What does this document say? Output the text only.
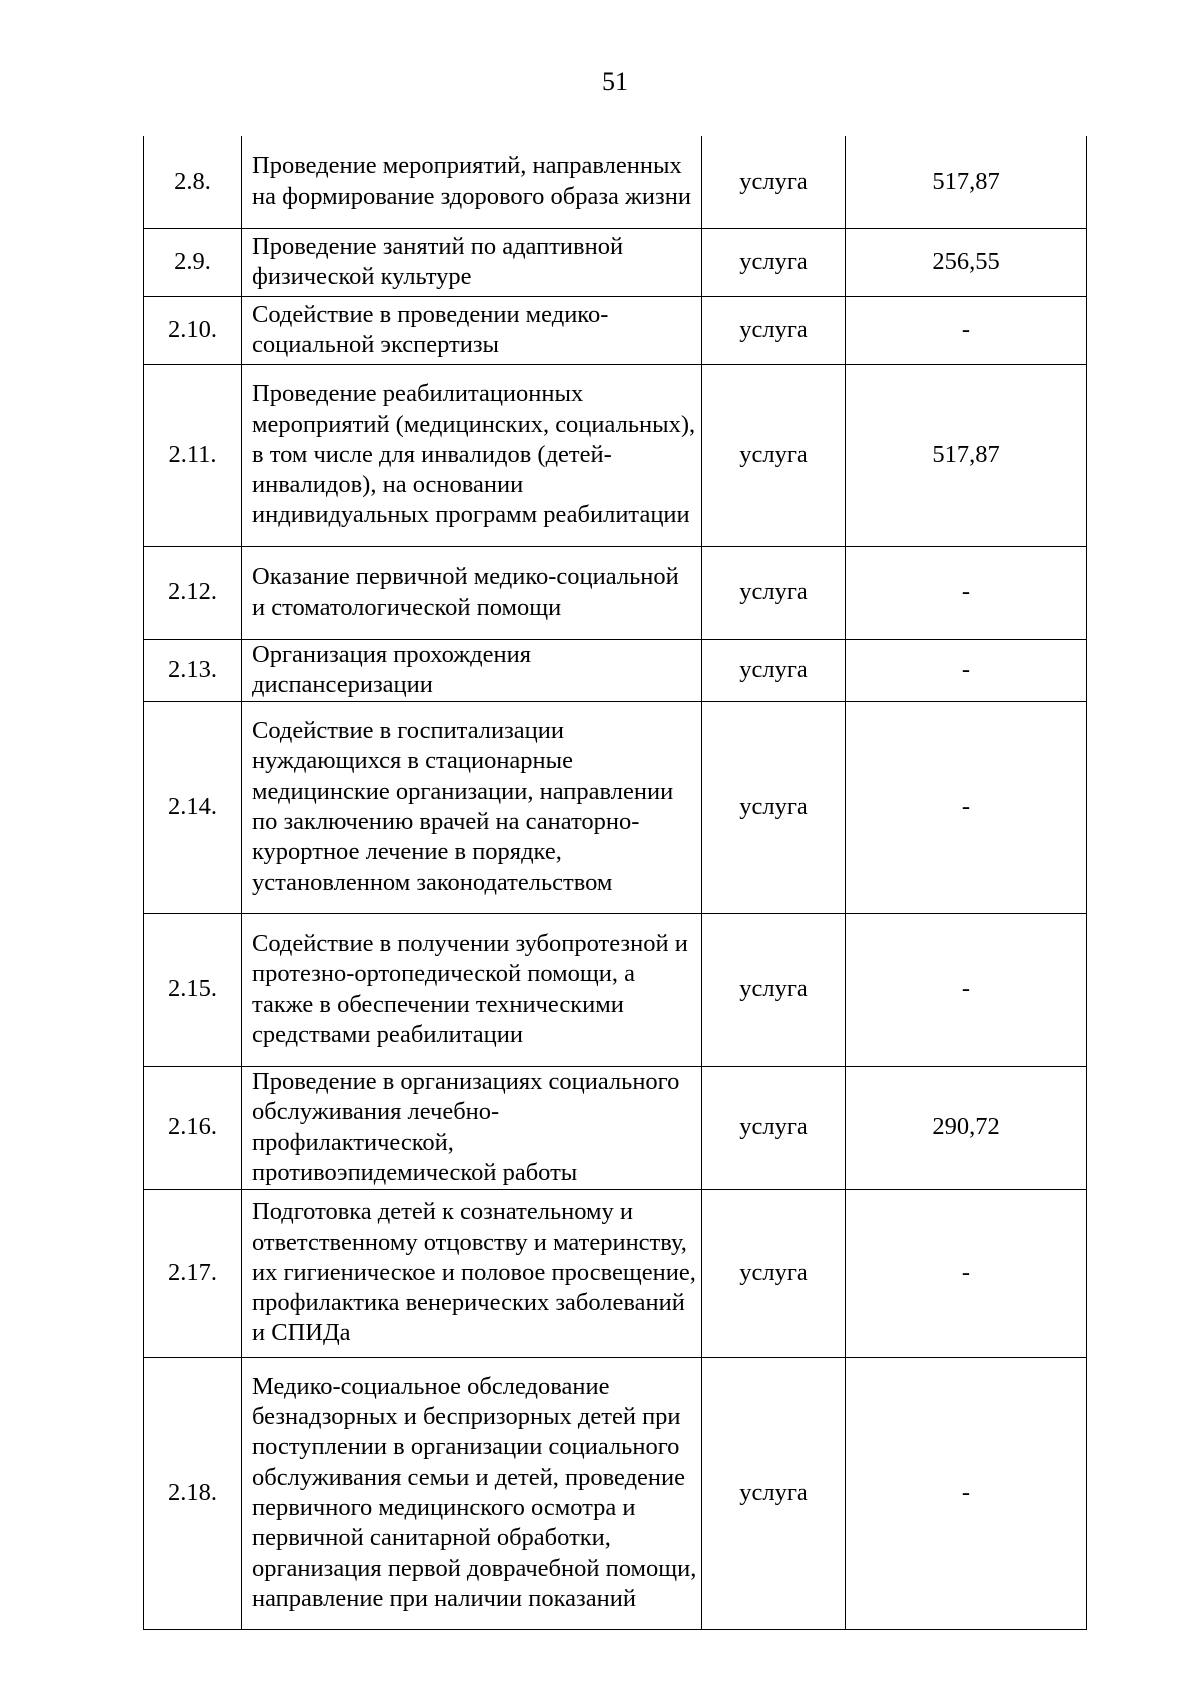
51
2.8.	Проведение мероприятий, направленных на формирование здорового образа жизни	услуга	517,87
2.9.	Проведение занятий по адаптивной физической культуре	услуга	256,55
2.10.	Содействие в проведении медико-социальной экспертизы	услуга	-
2.11.	Проведение реабилитационных мероприятий (медицинских, социальных), в том числе для инвалидов (детей-инвалидов), на основании индивидуальных программ реабилитации	услуга	517,87
2.12.	Оказание первичной медико-социальной и стоматологической помощи	услуга	-
2.13.	Организация прохождения диспансеризации	услуга	-
2.14.	Содействие в госпитализации нуждающихся в стационарные медицинские организации, направлении по заключению врачей на санаторно-курортное лечение в порядке, установленном законодательством	услуга	-
2.15.	Содействие в получении зубопротезной и протезно-ортопедической помощи, а также в обеспечении техническими средствами реабилитации	услуга	-
2.16.	Проведение в организациях социального обслуживания лечебно-профилактической, противоэпидемической работы	услуга	290,72
2.17.	Подготовка детей к сознательному и ответственному отцовству и материнству, их гигиеническое и половое просвещение, профилактика венерических заболеваний и СПИДа	услуга	-
2.18.	Медико-социальное обследование безнадзорных и беспризорных детей при поступлении в организации социального обслуживания семьи и детей, проведение первичного медицинского осмотра и первичной санитарной обработки, организация первой доврачебной помощи, направление при наличии показаний	услуга	-
